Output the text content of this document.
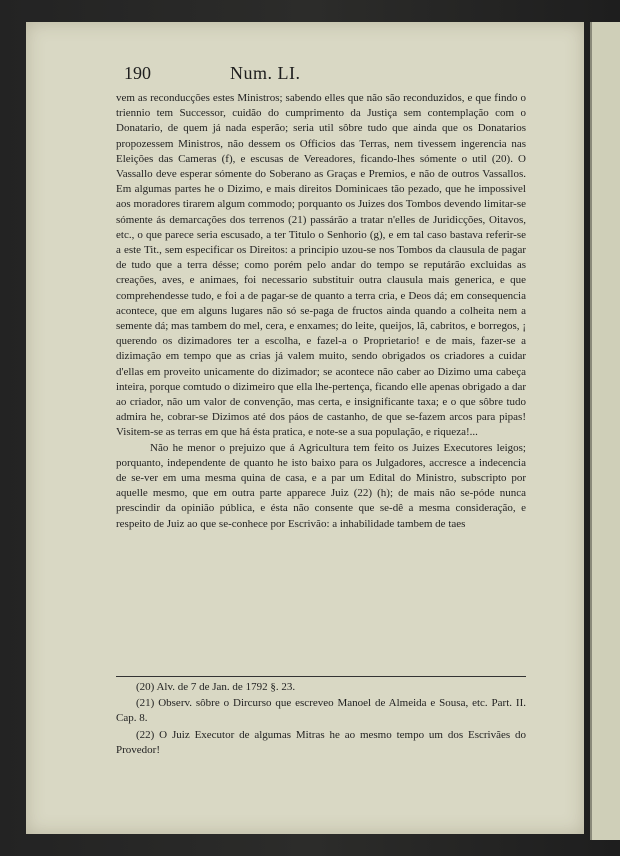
190	Num. LI.

vem as reconducções estes Ministros; sabendo elles que não são reconduzidos, e que findo o triennio tem Successor, cuidão do cumprimento da Justiça sem contemplação com o Donatario, de quem já nada esperão; seria util sôbre tudo que ainda que os Donatarios propozessem Ministros, não dessem os Officios das Terras, nem tivessem ingerencia nas Eleições das Cameras (f), e escusas de Vereadores, ficando-lhes sómente o util (20). O Vassallo deve esperar sómente do Soberano as Graças e Premios, e não de outros Vassallos. Em algumas partes he o Dizimo, e mais direitos Dominicaes tão pezado, que he impossivel aos moradores tirarem algum commodo; porquanto os Juizes dos Tombos devendo limitar-se sómente ás demarcações dos terrenos (21) passárão a tratar n'elles de Juridicções, Oitavos, etc., o que parece seria escusado, a ter Titulo o Senhorio (g), e em tal caso bastava referir-se a este Tit., sem especificar os Direitos: a principio uzou-se nos Tombos da clausula de pagar de tudo que a terra désse; como porém pelo andar do tempo se reputárão excluidas as creações, aves, e animaes, foi necessario substituir outra clausula mais generica, e que comprehendesse tudo, e foi a de pagar-se de quanto a terra cria, e Deos dá; em consequencia acontece, que em alguns lugares não só se-paga de fructos ainda quando a colheita nem a semente dá; mas tambem do mel, cera, e enxames; do leite, queijos, lã, cabritos, e borregos, ¡ querendo os dizimadores ter a escolha, e fazel-a o Proprietario! e de mais, fazer-se a dizimação em tempo que as crias já valem muito, sendo obrigados os criadores a cuidar d'ellas em proveito unicamente do dizimador; se acontece não caber ao Dizimo uma cabeça inteira, porque comtudo o dizimeiro que ella lhe-pertença, ficando elle apenas obrigado a dar ao criador, não um valor de convenção, mas certa, e insignificante taxa; e o que sôbre tudo admira he, cobrar-se Dizimos até dos páos de castanho, de que se-fazem arcos para pipas! Visitem-se as terras em que há ésta pratica, e note-se a sua população, e riqueza!...

Não he menor o prejuizo que á Agricultura tem feito os Juizes Executores leigos; porquanto, independente de quanto he isto baixo para os Julgadores, accresce a indecencia de se-ver em uma mesma quina de casa, e a par um Edital do Ministro, subscripto por aquelle mesmo, que em outra parte apparece Juiz (22) (h); de mais não se-póde nunca prescindir da opinião pública, e ésta não consente que se-dê a mesma consideração, e respeito de Juiz ao que se-conhece por Escrivão: a inhabilidade tambem de taes

(20) Alv. de 7 de Jan. de 1792 §. 23.

(21) Observ. sôbre o Dircurso que escreveo Manoel de Almeida e Sousa, etc. Part. II. Cap. 8.

(22) O Juiz Executor de algumas Mitras he ao mesmo tempo um dos Escrivães do Provedor!
